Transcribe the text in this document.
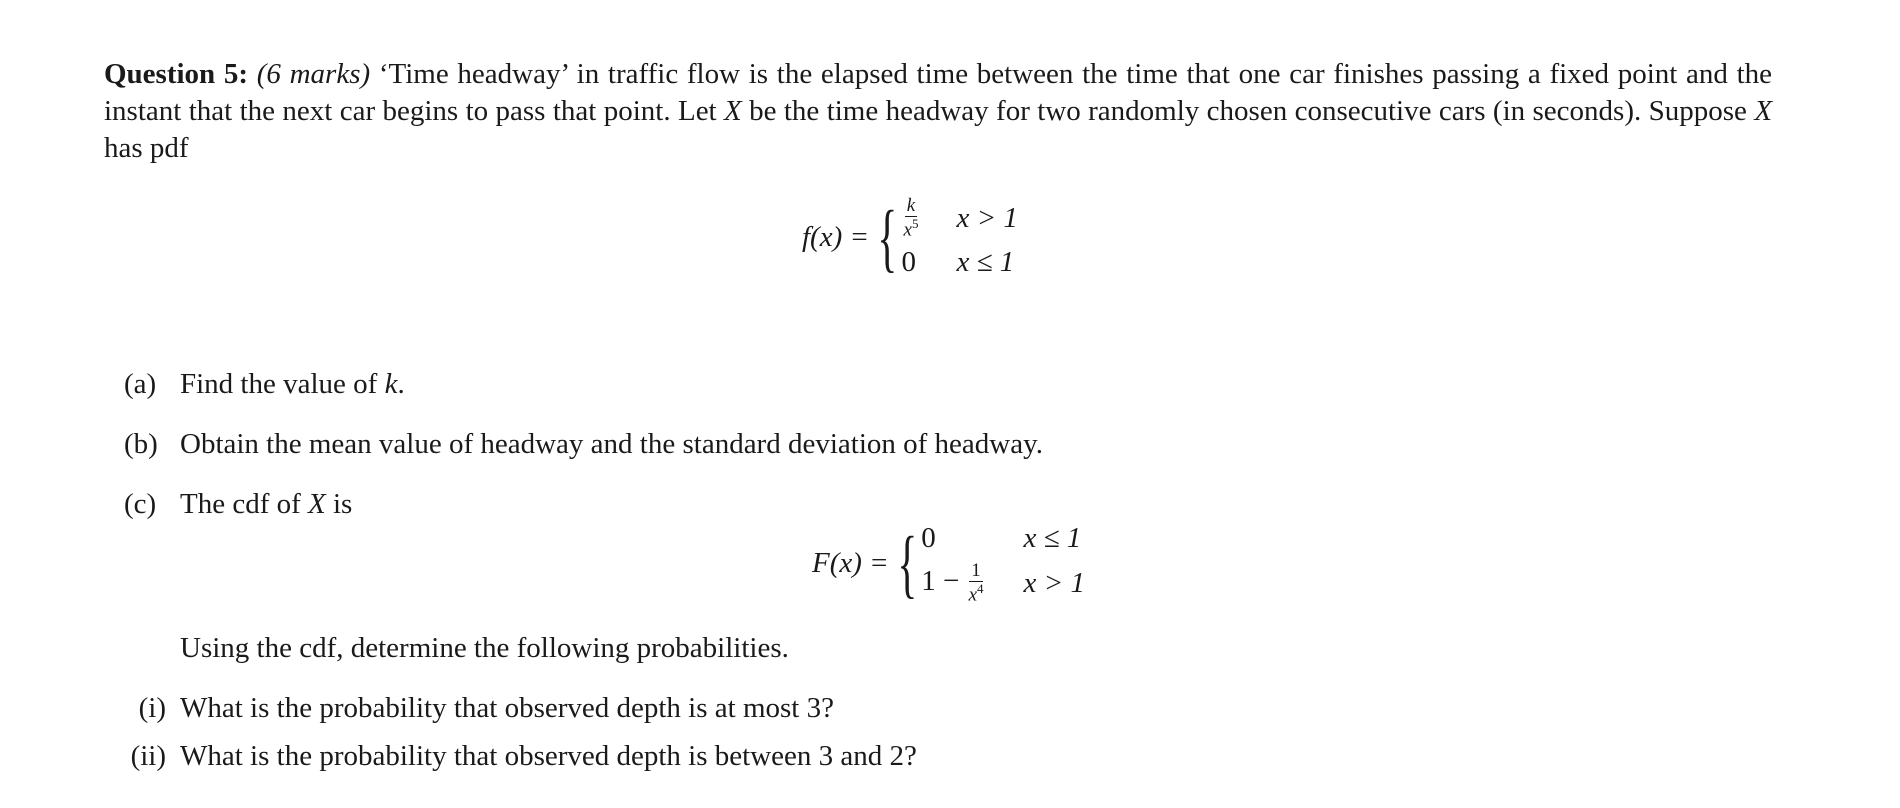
Question 5: (6 marks) ‘Time headway’ in traffic flow is the elapsed time between the time that one car finishes passing a fixed point and the instant that the next car begins to pass that point. Let X be the time headway for two randomly chosen consecutive cars (in seconds). Suppose X has pdf
f(x) = { $\frac{k}{x^5}$ x > 1
0 x ≤ 1
(a) Find the value of k.
(b) Obtain the mean value of headway and the standard deviation of headway.
(c) The cdf of X is
F(x) = { 0	x ≤ 1
$1 - \frac{1}{x^4}$ x > 1
Using the cdf, determine the following probabilities.
(i) What is the probability that observed depth is at most 3?
(ii) What is the probability that observed depth is between 3 and 2?
